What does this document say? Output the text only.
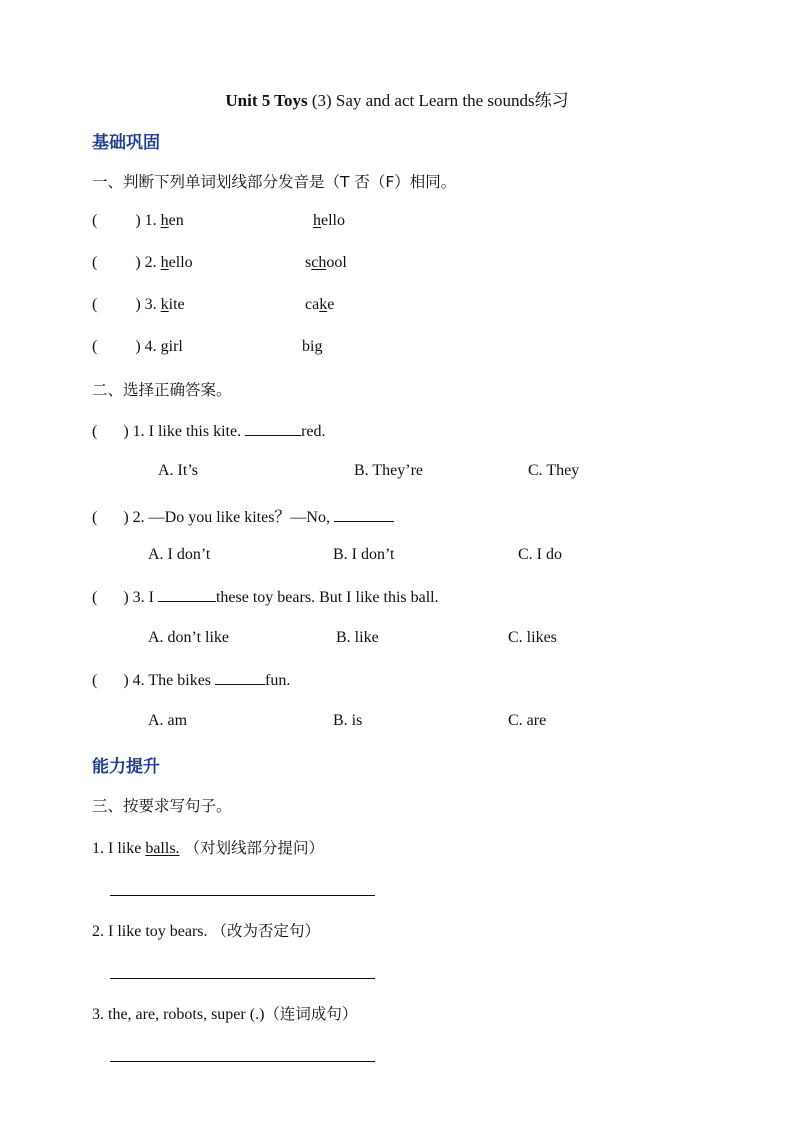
Unit 5 Toys (3) Say and act Learn the sounds练习
基础巩固
一、判断下列单词划线部分发音是（T 否（F）相同。
( ) 1. hen	hello
( ) 2. hello	school
( ) 3. kite	cake
( ) 4. girl	big
二、选择正确答案。
( ) 1. I like this kite.	red.
A. It’s	B. They’re	C. They
( ) 2. —Do you like kites？—No,
A. I don’t	B. I don’t	C. I do
( ) 3. I	these toy bears. But I like this ball.
A. don’t like	B. like	C. likes
( ) 4. The bikes	fun.
A. am	B. is	C. are
能力提升
三、按要求写句子。
1. I like balls. （对划线部分提问）
2. I like toy bears. （改为否定句）
3. the, are, robots, super (.)（连词成句）
